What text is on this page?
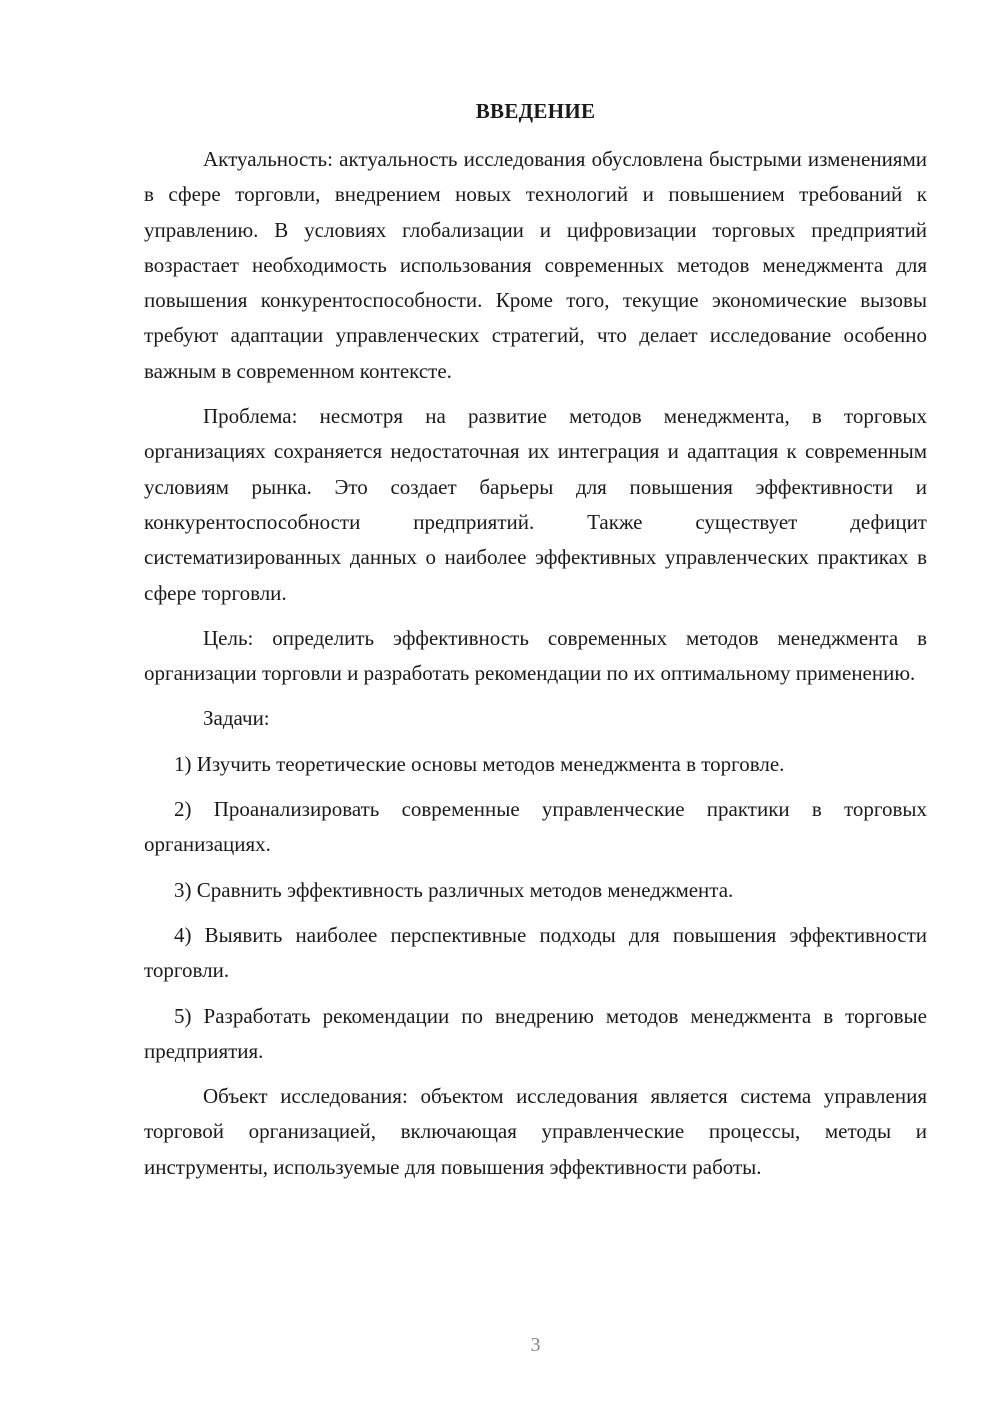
ВВЕДЕНИЕ

Актуальность: актуальность исследования обусловлена быстрыми изменениями в сфере торговли, внедрением новых технологий и повышением требований к управлению. В условиях глобализации и цифровизации торговых предприятий возрастает необходимость использования современных методов менеджмента для повышения конкурентоспособности. Кроме того, текущие экономические вызовы требуют адаптации управленческих стратегий, что делает исследование особенно важным в современном контексте.

Проблема: несмотря на развитие методов менеджмента, в торговых организациях сохраняется недостаточная их интеграция и адаптация к современным условиям рынка. Это создает барьеры для повышения эффективности и конкурентоспособности предприятий. Также существует дефицит систематизированных данных о наиболее эффективных управленческих практиках в сфере торговли.

Цель: определить эффективность современных методов менеджмента в организации торговли и разработать рекомендации по их оптимальному применению.

Задачи:

1) Изучить теоретические основы методов менеджмента в торговле.

2) Проанализировать современные управленческие практики в торговых организациях.

3) Сравнить эффективность различных методов менеджмента.

4) Выявить наиболее перспективные подходы для повышения эффективности торговли.

5) Разработать рекомендации по внедрению методов менеджмента в торговые предприятия.

Объект исследования: объектом исследования является система управления торговой организацией, включающая управленческие процессы, методы и инструменты, используемые для повышения эффективности работы.

3
